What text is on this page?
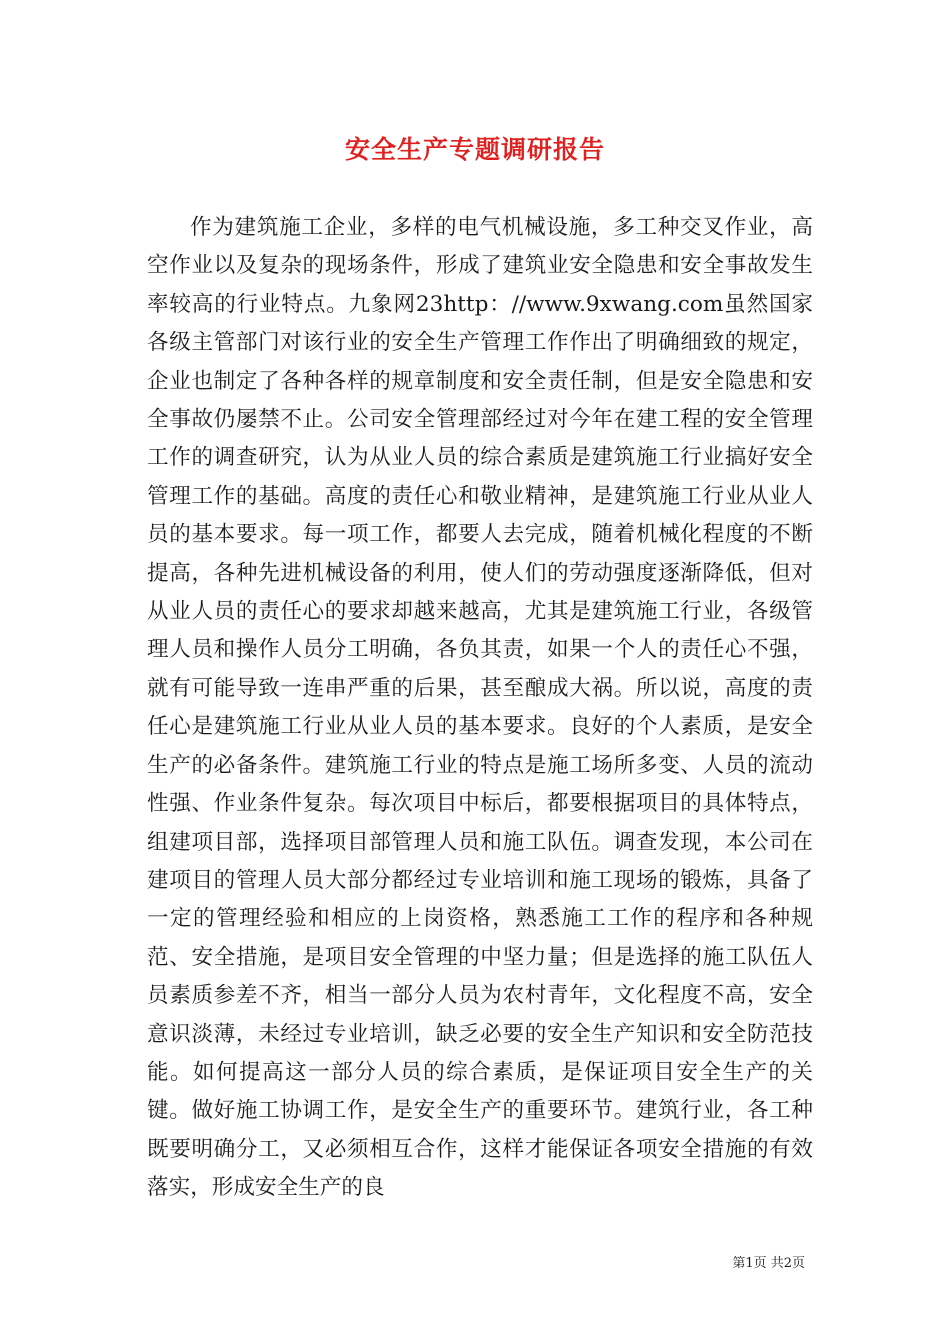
安全生产专题调研报告

作为建筑施工企业，多样的电气机械设施，多工种交叉作业，高空作业以及复杂的现场条件，形成了建筑业安全隐患和安全事故发生率较高的行业特点。九象网23http：//www.9xwang.com虽然国家各级主管部门对该行业的安全生产管理工作作出了明确细致的规定，企业也制定了各种各样的规章制度和安全责任制，但是安全隐患和安全事故仍屡禁不止。公司安全管理部经过对今年在建工程的安全管理工作的调查研究，认为从业人员的综合素质是建筑施工行业搞好安全管理工作的基础。高度的责任心和敬业精神，是建筑施工行业从业人员的基本要求。每一项工作，都要人去完成，随着机械化程度的不断提高，各种先进机械设备的利用，使人们的劳动强度逐渐降低，但对从业人员的责任心的要求却越来越高，尤其是建筑施工行业，各级管理人员和操作人员分工明确，各负其责，如果一个人的责任心不强，就有可能导致一连串严重的后果，甚至酿成大祸。所以说，高度的责任心是建筑施工行业从业人员的基本要求。良好的个人素质，是安全生产的必备条件。建筑施工行业的特点是施工场所多变、人员的流动性强、作业条件复杂。每次项目中标后，都要根据项目的具体特点，组建项目部，选择项目部管理人员和施工队伍。调查发现，本公司在建项目的管理人员大部分都经过专业培训和施工现场的锻炼，具备了一定的管理经验和相应的上岗资格，熟悉施工工作的程序和各种规范、安全措施，是项目安全管理的中坚力量；但是选择的施工队伍人员素质参差不齐，相当一部分人员为农村青年，文化程度不高，安全意识淡薄，未经过专业培训，缺乏必要的安全生产知识和安全防范技能。如何提高这一部分人员的综合素质，是保证项目安全生产的关键。做好施工协调工作，是安全生产的重要环节。建筑行业，各工种既要明确分工，又必须相互合作，这样才能保证各项安全措施的有效落实，形成安全生产的良

第1页 共2页
